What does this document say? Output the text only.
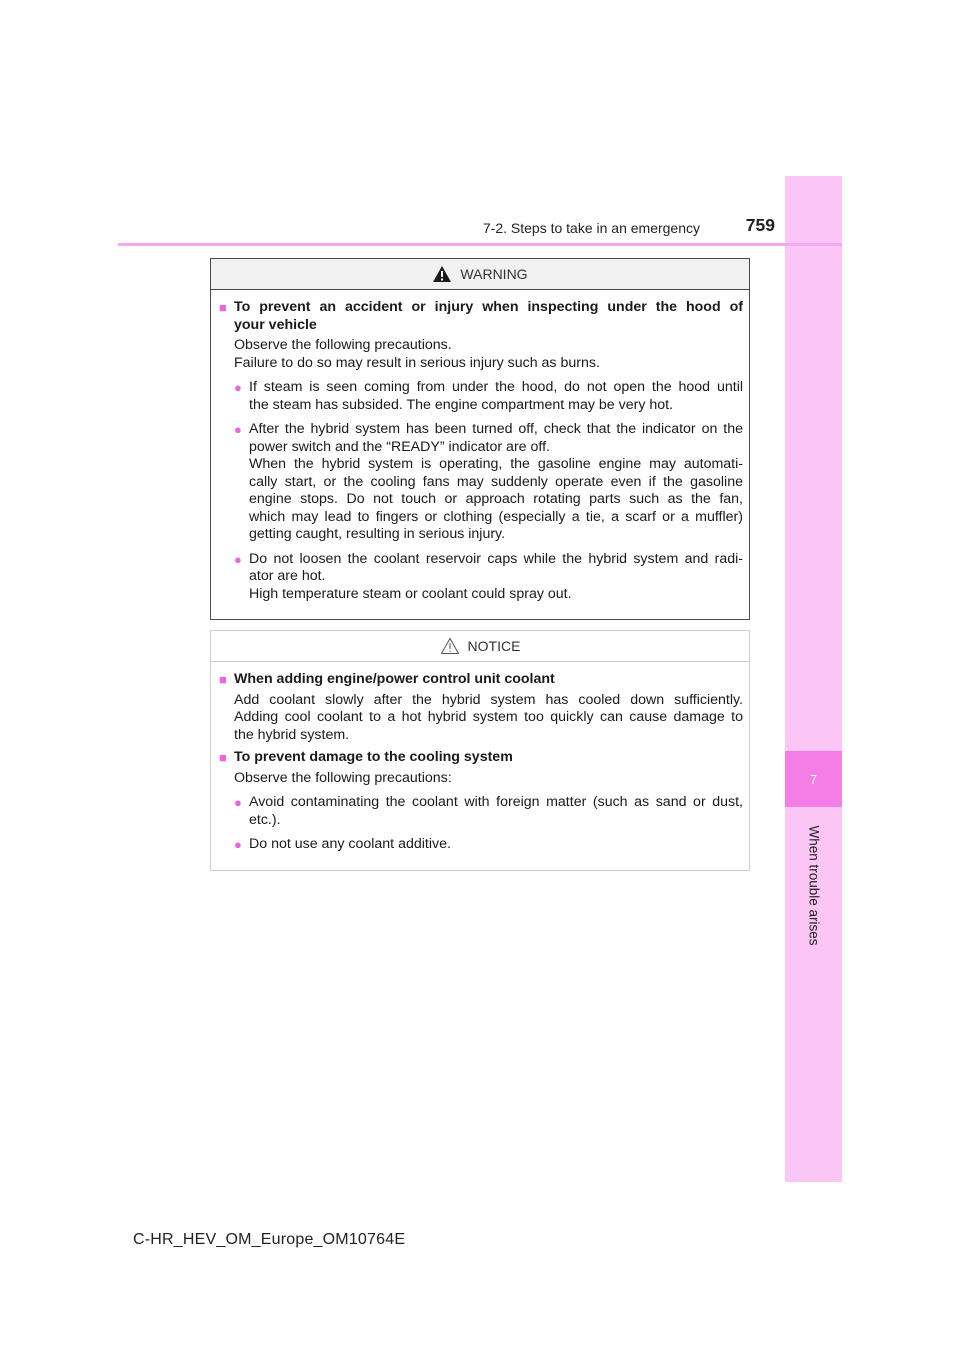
7
When trouble arises
7-2. Steps to take in an emergency	759
WARNING
■ To prevent an accident or injury when inspecting under the hood of
your vehicle
Observe the following precautions.
Failure to do so may result in serious injury such as burns.
● If steam is seen coming from under the hood, do not open the hood until
the steam has subsided. The engine compartment may be very hot.
● After the hybrid system has been turned off, check that the indicator on the
power switch and the “READY” indicator are off.
When the hybrid system is operating, the gasoline engine may automati-
cally start, or the cooling fans may suddenly operate even if the gasoline
engine stops. Do not touch or approach rotating parts such as the fan,
which may lead to fingers or clothing (especially a tie, a scarf or a muffler)
getting caught, resulting in serious injury.
● Do not loosen the coolant reservoir caps while the hybrid system and radi-
ator are hot.
High temperature steam or coolant could spray out.
NOTICE
■ When adding engine/power control unit coolant
Add coolant slowly after the hybrid system has cooled down sufficiently.
Adding cool coolant to a hot hybrid system too quickly can cause damage to
the hybrid system.
■ To prevent damage to the cooling system
Observe the following precautions:
● Avoid contaminating the coolant with foreign matter (such as sand or dust,
etc.).
● Do not use any coolant additive.
C-HR_HEV_OM_Europe_OM10764E
